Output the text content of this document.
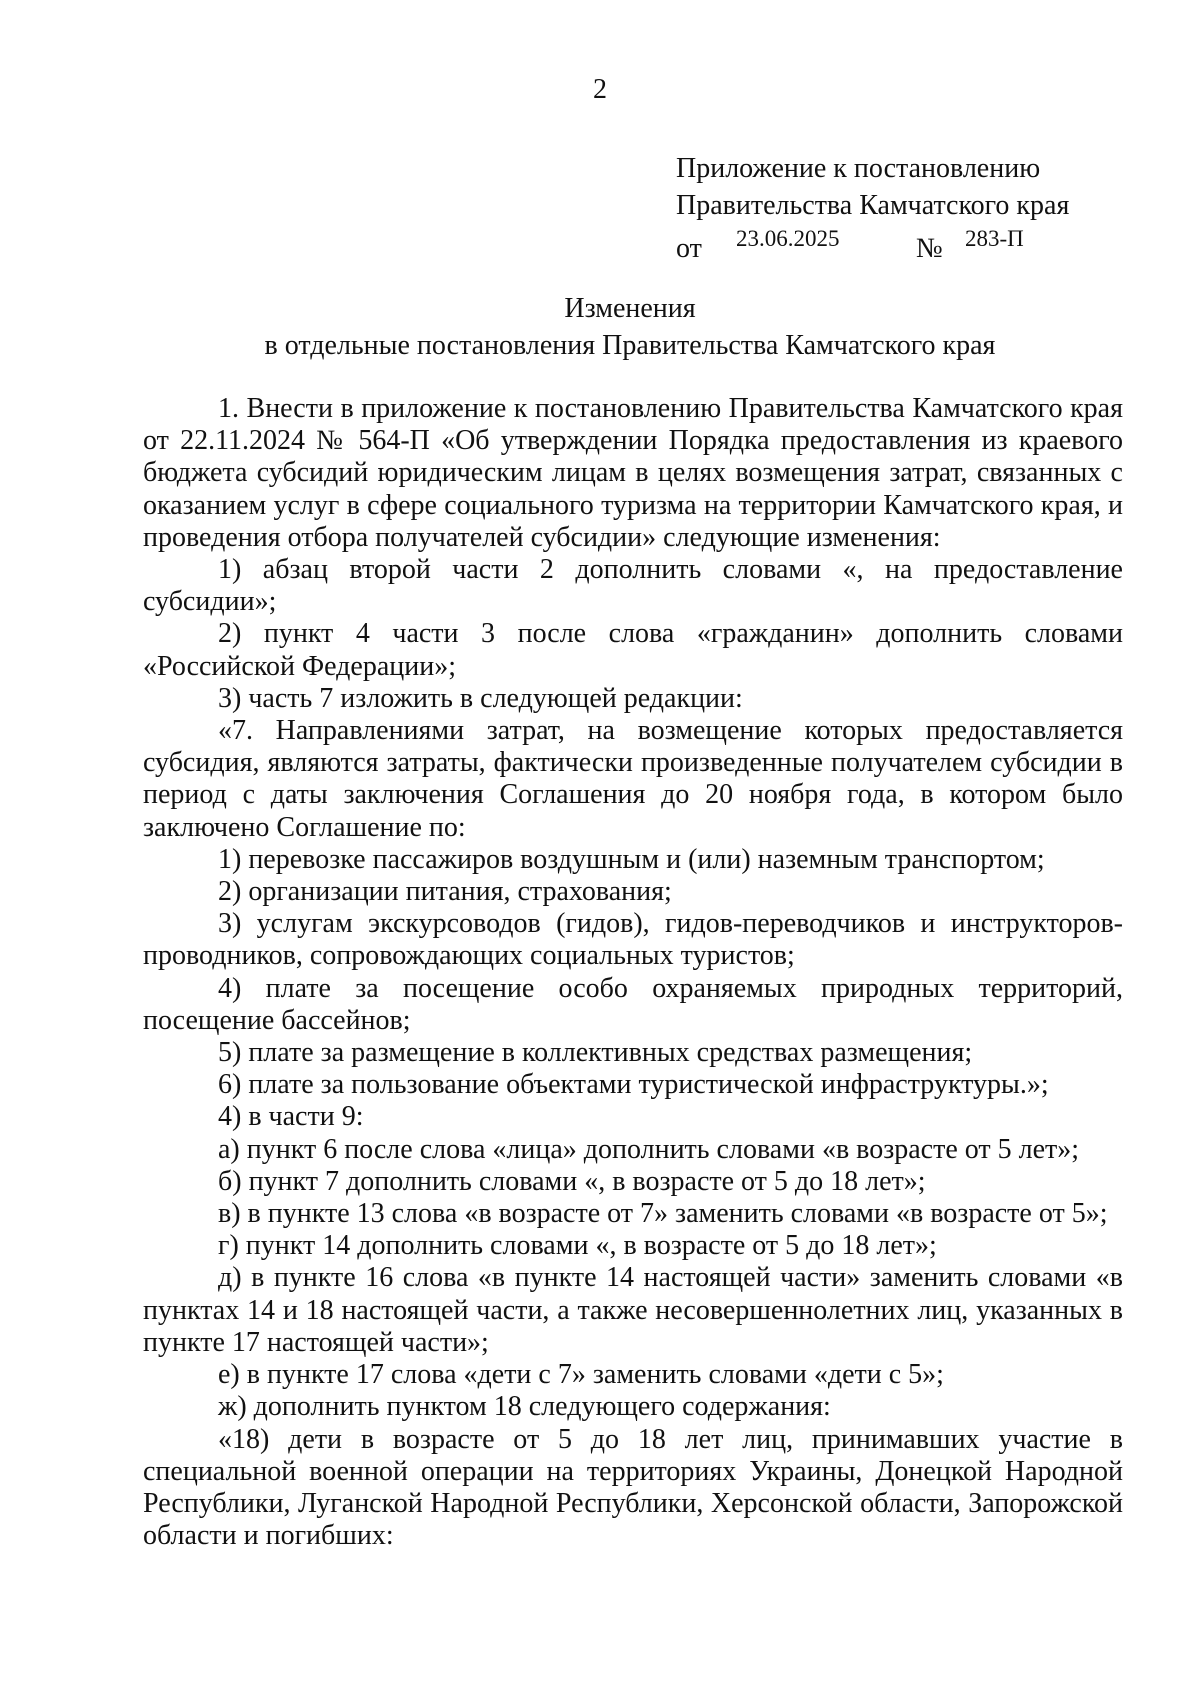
2
Приложение к постановлению
Правительства Камчатского края
от 23.06.2025	№ 283-П
Изменения
в отдельные постановления Правительства Камчатского края

1. Внести в приложение к постановлению Правительства Камчатского края от 22.11.2024 № 564-П «Об утверждении Порядка предоставления из краевого бюджета субсидий юридическим лицам в целях возмещения затрат, связанных с оказанием услуг в сфере социального туризма на территории Камчатского края, и проведения отбора получателей субсидии» следующие изменения:

1) абзац второй части 2 дополнить словами «, на предоставление субсидии»;

2) пункт 4 части 3 после слова «гражданин» дополнить словами «Российской Федерации»;

3) часть 7 изложить в следующей редакции:

«7. Направлениями затрат, на возмещение которых предоставляется субсидия, являются затраты, фактически произведенные получателем субсидии в период с даты заключения Соглашения до 20 ноября года, в котором было заключено Соглашение по:

1) перевозке пассажиров воздушным и (или) наземным транспортом;

2) организации питания, страхования;

3) услугам экскурсоводов (гидов), гидов-переводчиков и инструкторов-проводников, сопровождающих социальных туристов;

4) плате за посещение особо охраняемых природных территорий, посещение бассейнов;

5) плате за размещение в коллективных средствах размещения;

6) плате за пользование объектами туристической инфраструктуры.»;

4) в части 9:

а) пункт 6 после слова «лица» дополнить словами «в возрасте от 5 лет»;

б) пункт 7 дополнить словами «, в возрасте от 5 до 18 лет»;

в) в пункте 13 слова «в возрасте от 7» заменить словами «в возрасте от 5»;

г) пункт 14 дополнить словами «, в возрасте от 5 до 18 лет»;

д) в пункте 16 слова «в пункте 14 настоящей части» заменить словами «в пунктах 14 и 18 настоящей части, а также несовершеннолетних лиц, указанных в пункте 17 настоящей части»;

е) в пункте 17 слова «дети с 7» заменить словами «дети с 5»;

ж) дополнить пунктом 18 следующего содержания:

«18) дети в возрасте от 5 до 18 лет лиц, принимавших участие в специальной военной операции на территориях Украины, Донецкой Народной Республики, Луганской Народной Республики, Херсонской области, Запорожской области и погибших:
